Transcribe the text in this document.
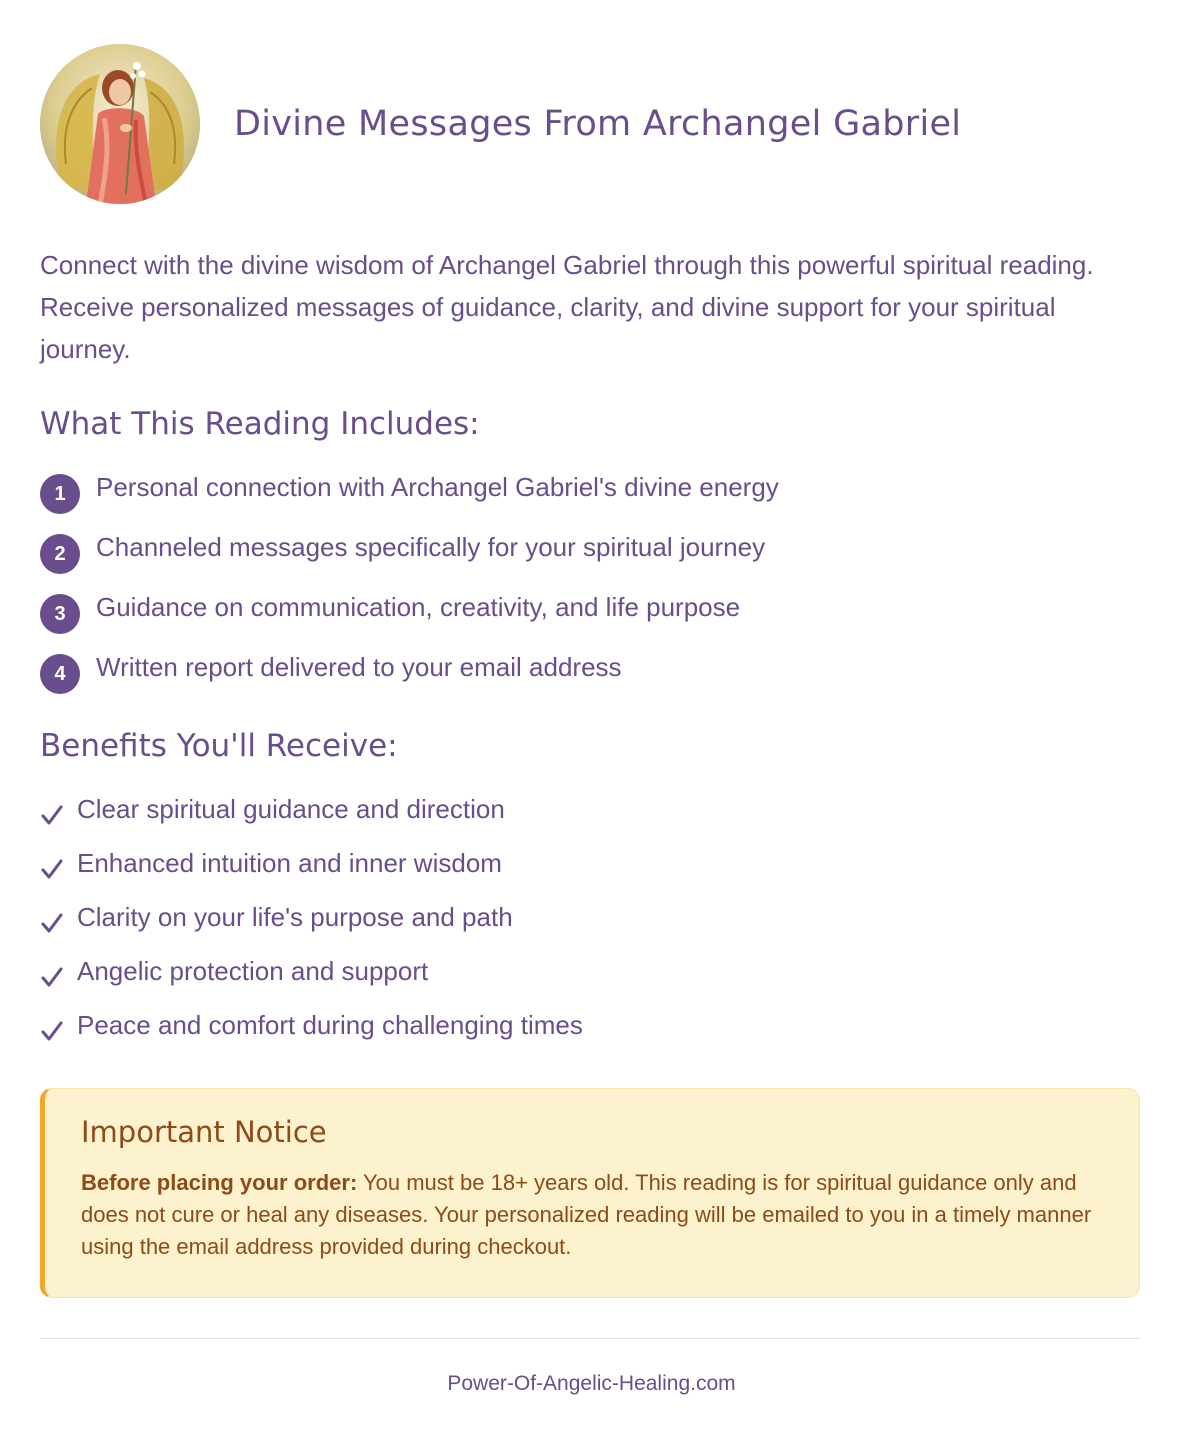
Divine Messages From Archangel Gabriel

Connect with the divine wisdom of Archangel Gabriel through this powerful spiritual reading. Receive personalized messages of guidance, clarity, and divine support for your spiritual journey.

What This Reading Includes:
1	Personal connection with Archangel Gabriel's divine energy
2	Channeled messages specifically for your spiritual journey
3	Guidance on communication, creativity, and life purpose
4	Written report delivered to your email address
Benefits You'll Receive:
Clear spiritual guidance and direction
Enhanced intuition and inner wisdom
Clarity on your life's purpose and path
Angelic protection and support
Peace and comfort during challenging times
Important Notice

Before placing your order: You must be 18+ years old. This reading is for spiritual guidance only and does not cure or heal any diseases. Your personalized reading will be emailed to you in a timely manner using the email address provided during checkout.

Power-Of-Angelic-Healing.com
